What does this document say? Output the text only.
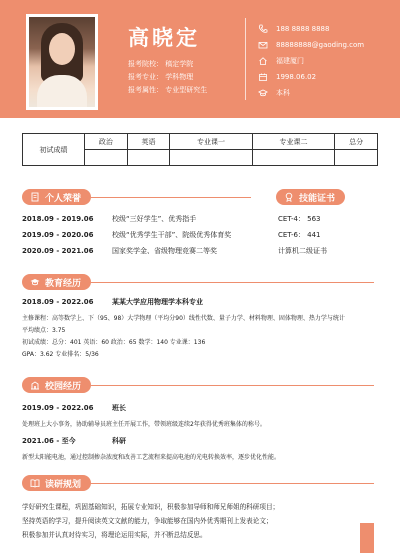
高晓定
报考院校： 稿定学院
报考专业： 学科物理
报考属性： 专业型研究生
188 8888 8888
88888888@gaoding.com
福建厦门
1998.06.02
本科
初试成绩	政治	英语	专业课一	专业课二	总分

个人荣誉
2018.09 - 2019.06	校级“三好学生”、优秀指手
2019.09 - 2020.06	校级“优秀学生干部”、院级优秀体育奖
2020.09 - 2021.06	国家奖学金、省级物理竞赛二等奖
技能证书
CET-4： 563
CET-6： 441
计算机二级证书
教育经历
2018.09 - 2022.06	某某大学应用物理学本科专业
主修课程：高等数学上、下（95、98）大学物理（平均分90）线性代数、量子力学、材料物理、固体物理、热力学与统计
平均绩点：3.75
初试成绩：总分：401 英语：60 政治：65 数学：140 专业课：136
GPA：3.62 专业排名：5/36
校园经历
2019.09 - 2022.06	班长
处理班上大小事务，协助辅导员班主任开展工作，带领班级连续2年获得优秀班集体的称号。
2021.06 - 至今	科研
新型太阳能电池，通过控制掺杂浓度和改善工艺流程来提高电池的光电转换效率，逐步优化性能。
读研规划
学好研究生课程，巩固基础知识，拓展专业知识，积极参加导师和师兄师姐的科研项目；
坚持英语的学习，提升阅读英文文献的能力，争取能够在国内外优秀期刊上发表论文；
积极参加并认真对待实习，将理论运用实际，并不断总结反思。
